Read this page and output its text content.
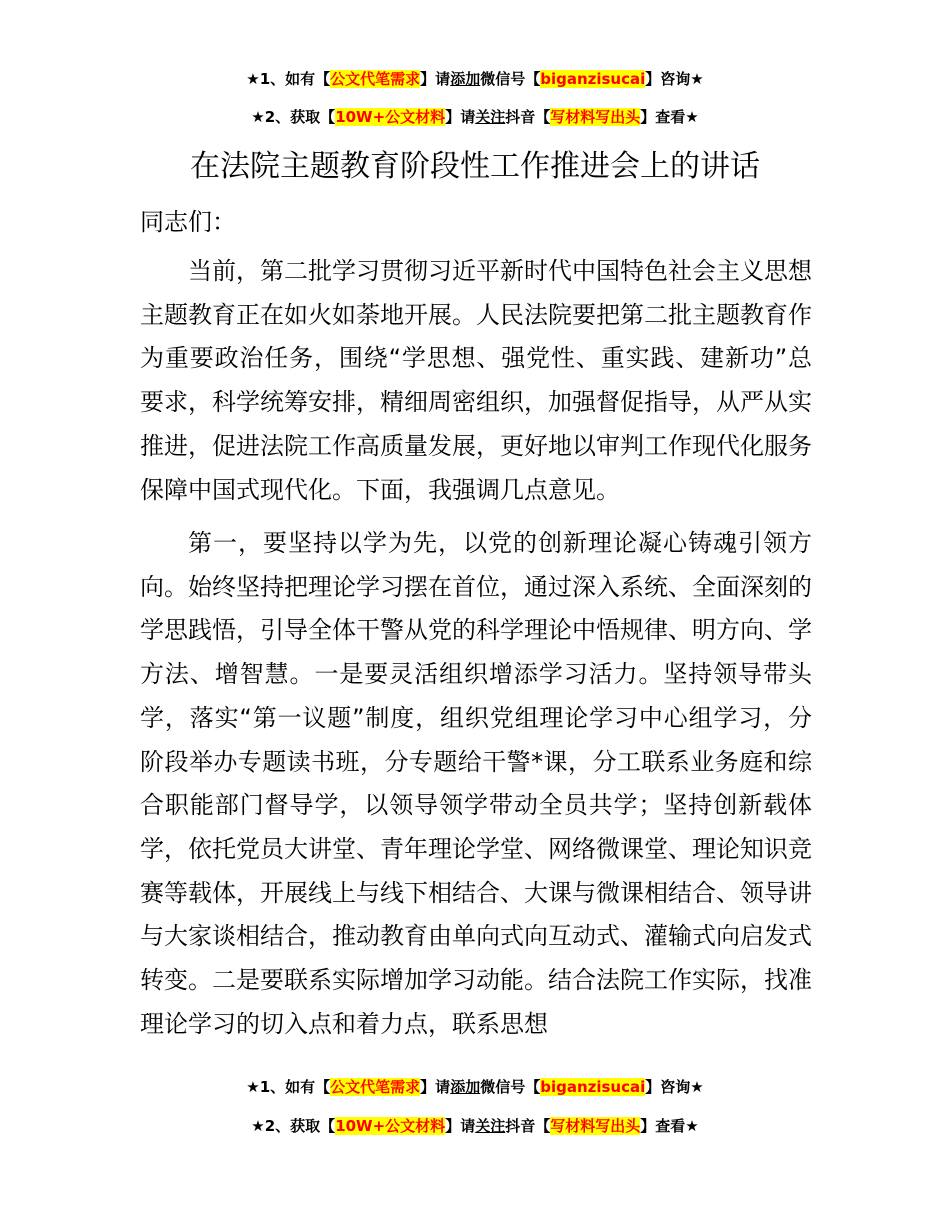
★1、如有【公文代笔需求】请添加微信号【biganzisucai】咨询★
★2、获取【10W+公文材料】请关注抖音【写材料写出头】查看★
在法院主题教育阶段性工作推进会上的讲话
同志们：

当前，第二批学习贯彻习近平新时代中国特色社会主义思想主题教育正在如火如荼地开展。人民法院要把第二批主题教育作为重要政治任务，围绕“学思想、强党性、重实践、建新功”总要求，科学统筹安排，精细周密组织，加强督促指导，从严从实推进，促进法院工作高质量发展，更好地以审判工作现代化服务保障中国式现代化。下面，我强调几点意见。

第一，要坚持以学为先，以党的创新理论凝心铸魂引领方向。始终坚持把理论学习摆在首位，通过深入系统、全面深刻的学思践悟，引导全体干警从党的科学理论中悟规律、明方向、学方法、增智慧。一是要灵活组织增添学习活力。坚持领导带头学，落实“第一议题”制度，组织党组理论学习中心组学习，分阶段举办专题读书班，分专题给干警*课，分工联系业务庭和综合职能部门督导学，以领导领学带动全员共学；坚持创新载体学，依托党员大讲堂、青年理论学堂、网络微课堂、理论知识竞赛等载体，开展线上与线下相结合、大课与微课相结合、领导讲与大家谈相结合，推动教育由单向式向互动式、灌输式向启发式转变。二是要联系实际增加学习动能。结合法院工作实际，找准理论学习的切入点和着力点，联系思想

★1、如有【公文代笔需求】请添加微信号【biganzisucai】咨询★
★2、获取【10W+公文材料】请关注抖音【写材料写出头】查看★
